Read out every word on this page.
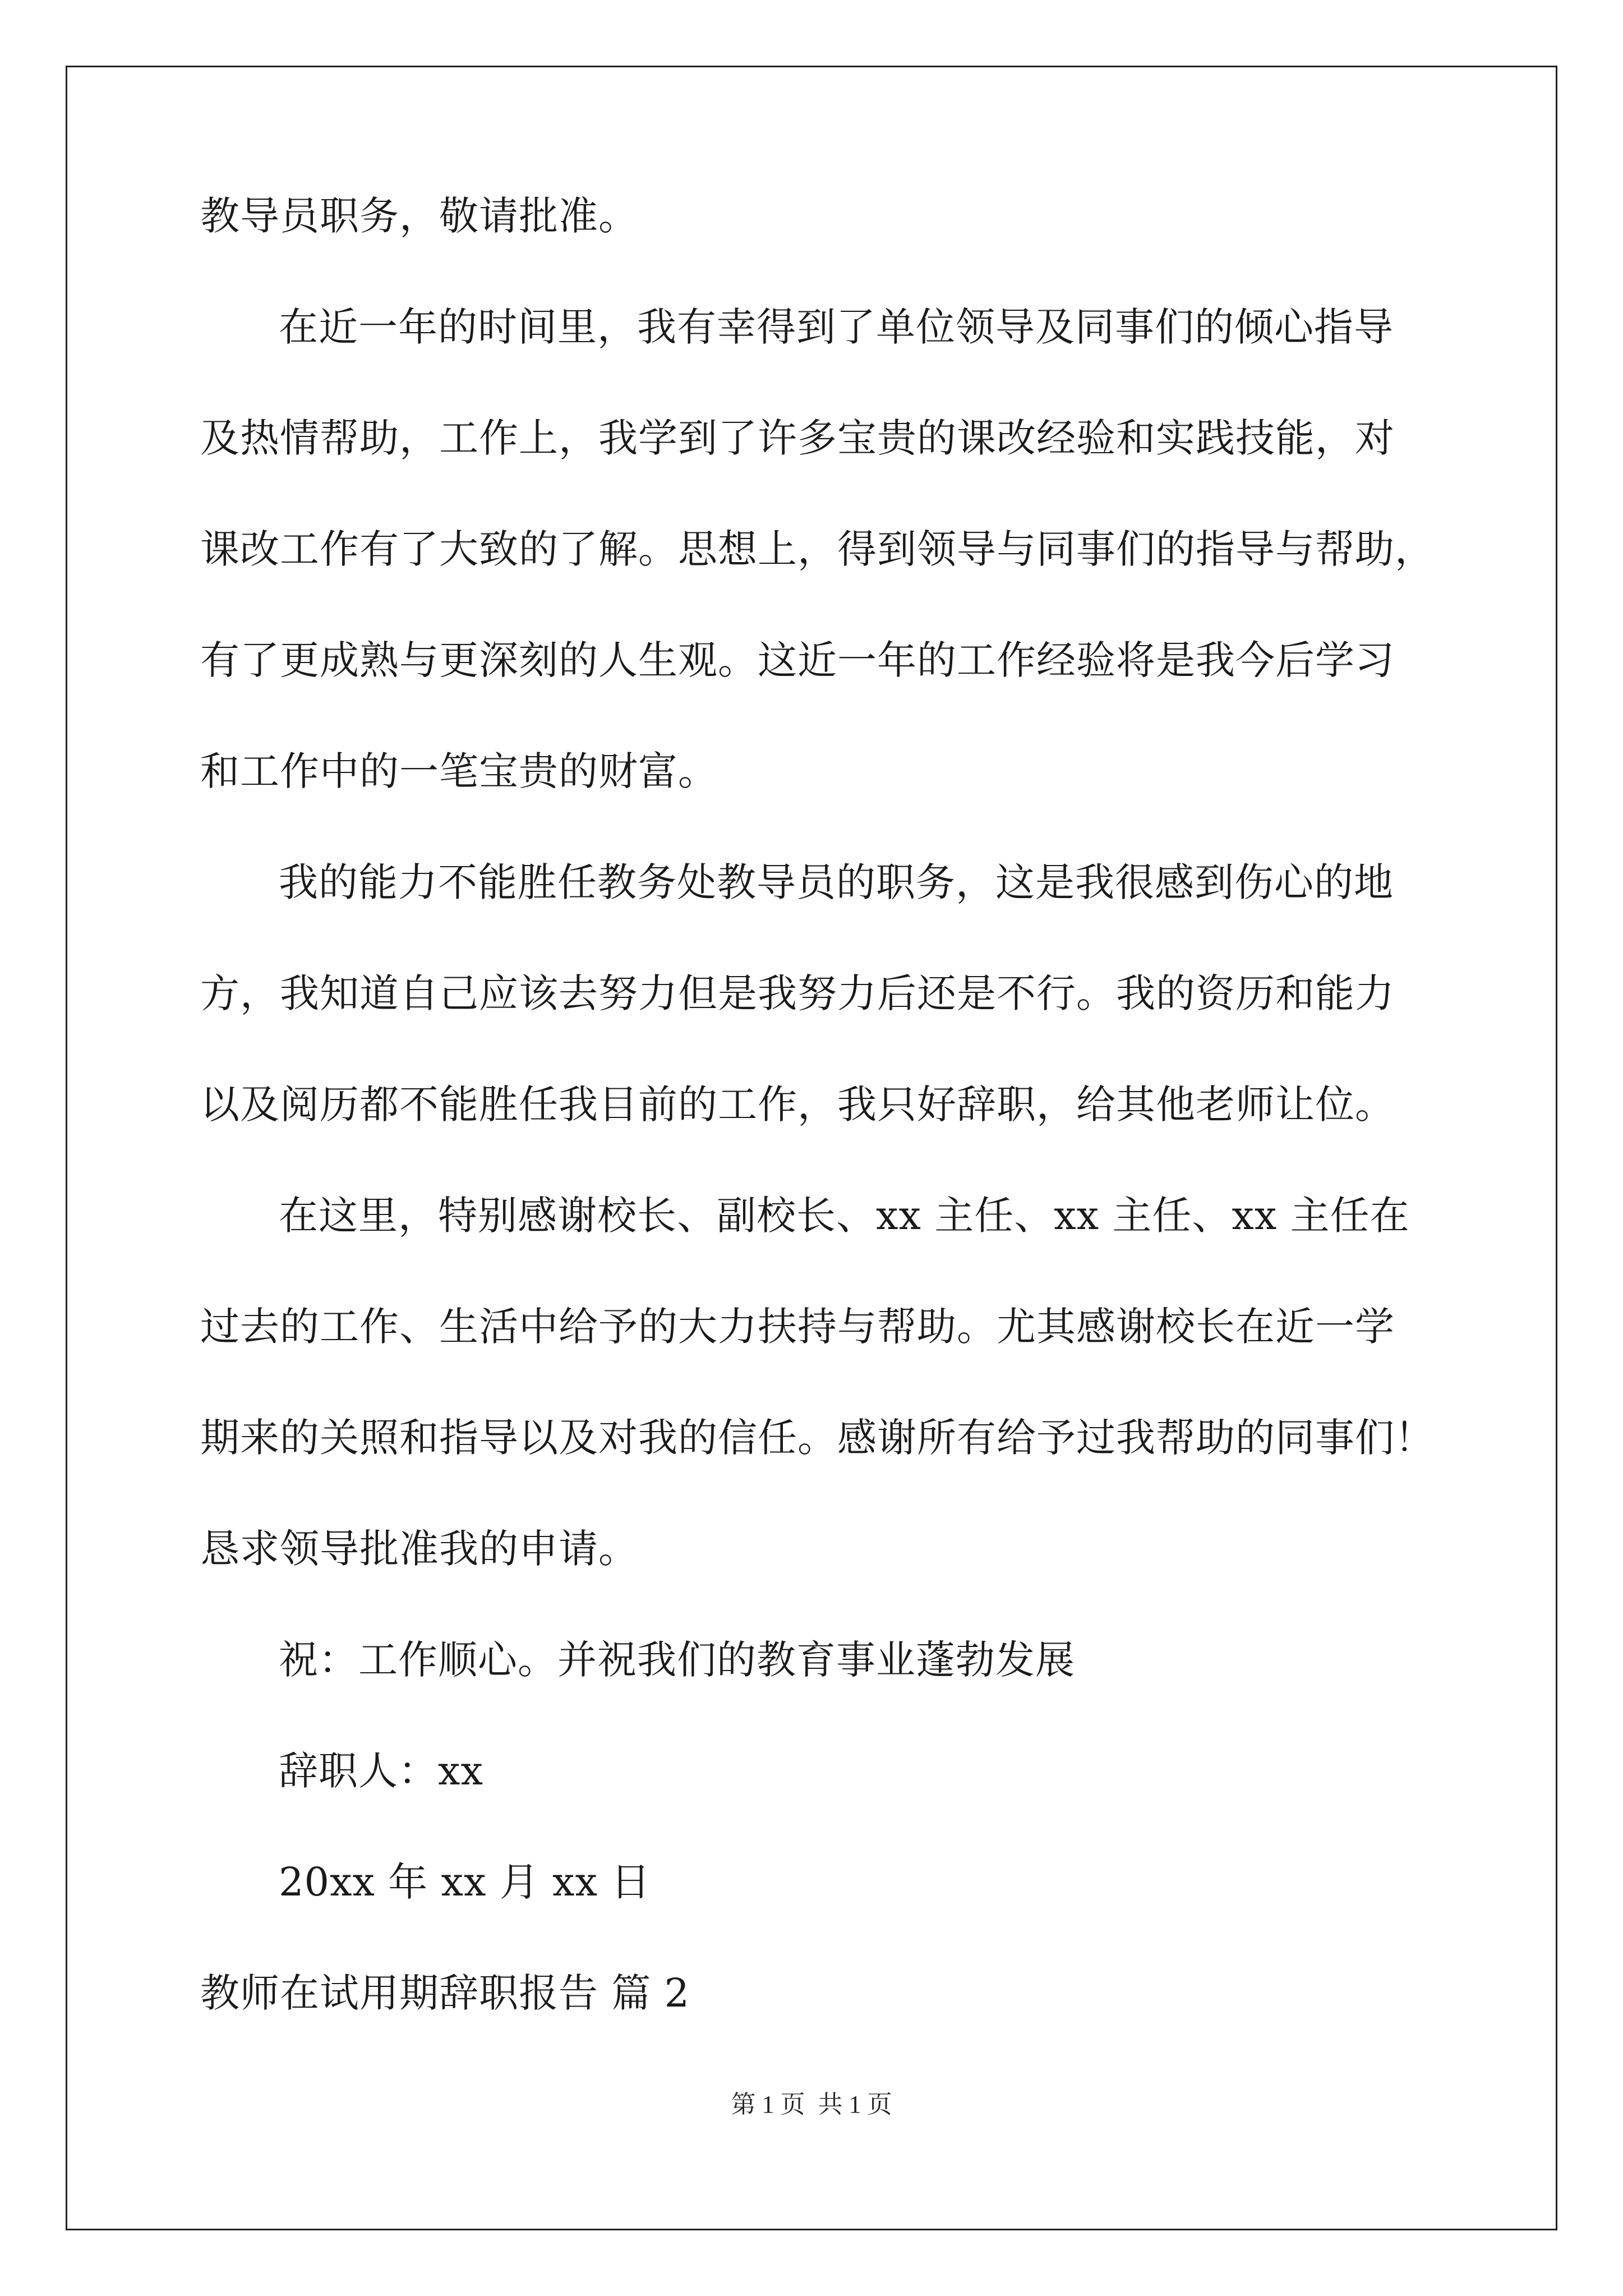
教导员职务，敬请批准。
在近一年的时间里，我有幸得到了单位领导及同事们的倾心指导
及热情帮助，工作上，我学到了许多宝贵的课改经验和实践技能，对
课改工作有了大致的了解。思想上，得到领导与同事们的指导与帮助，
有了更成熟与更深刻的人生观。这近一年的工作经验将是我今后学习
和工作中的一笔宝贵的财富。
我的能力不能胜任教务处教导员的职务，这是我很感到伤心的地
方，我知道自己应该去努力但是我努力后还是不行。我的资历和能力
以及阅历都不能胜任我目前的工作，我只好辞职，给其他老师让位。
在这里，特别感谢校长、副校长、xx 主任、xx 主任、xx 主任在
过去的工作、生活中给予的大力扶持与帮助。尤其感谢校长在近一学
期来的关照和指导以及对我的信任。感谢所有给予过我帮助的同事们！
恳求领导批准我的申请。
祝：工作顺心。并祝我们的教育事业蓬勃发展
辞职人：xx
20xx 年 xx 月 xx 日
教师在试用期辞职报告 篇 2
第 1 页 共 1 页
